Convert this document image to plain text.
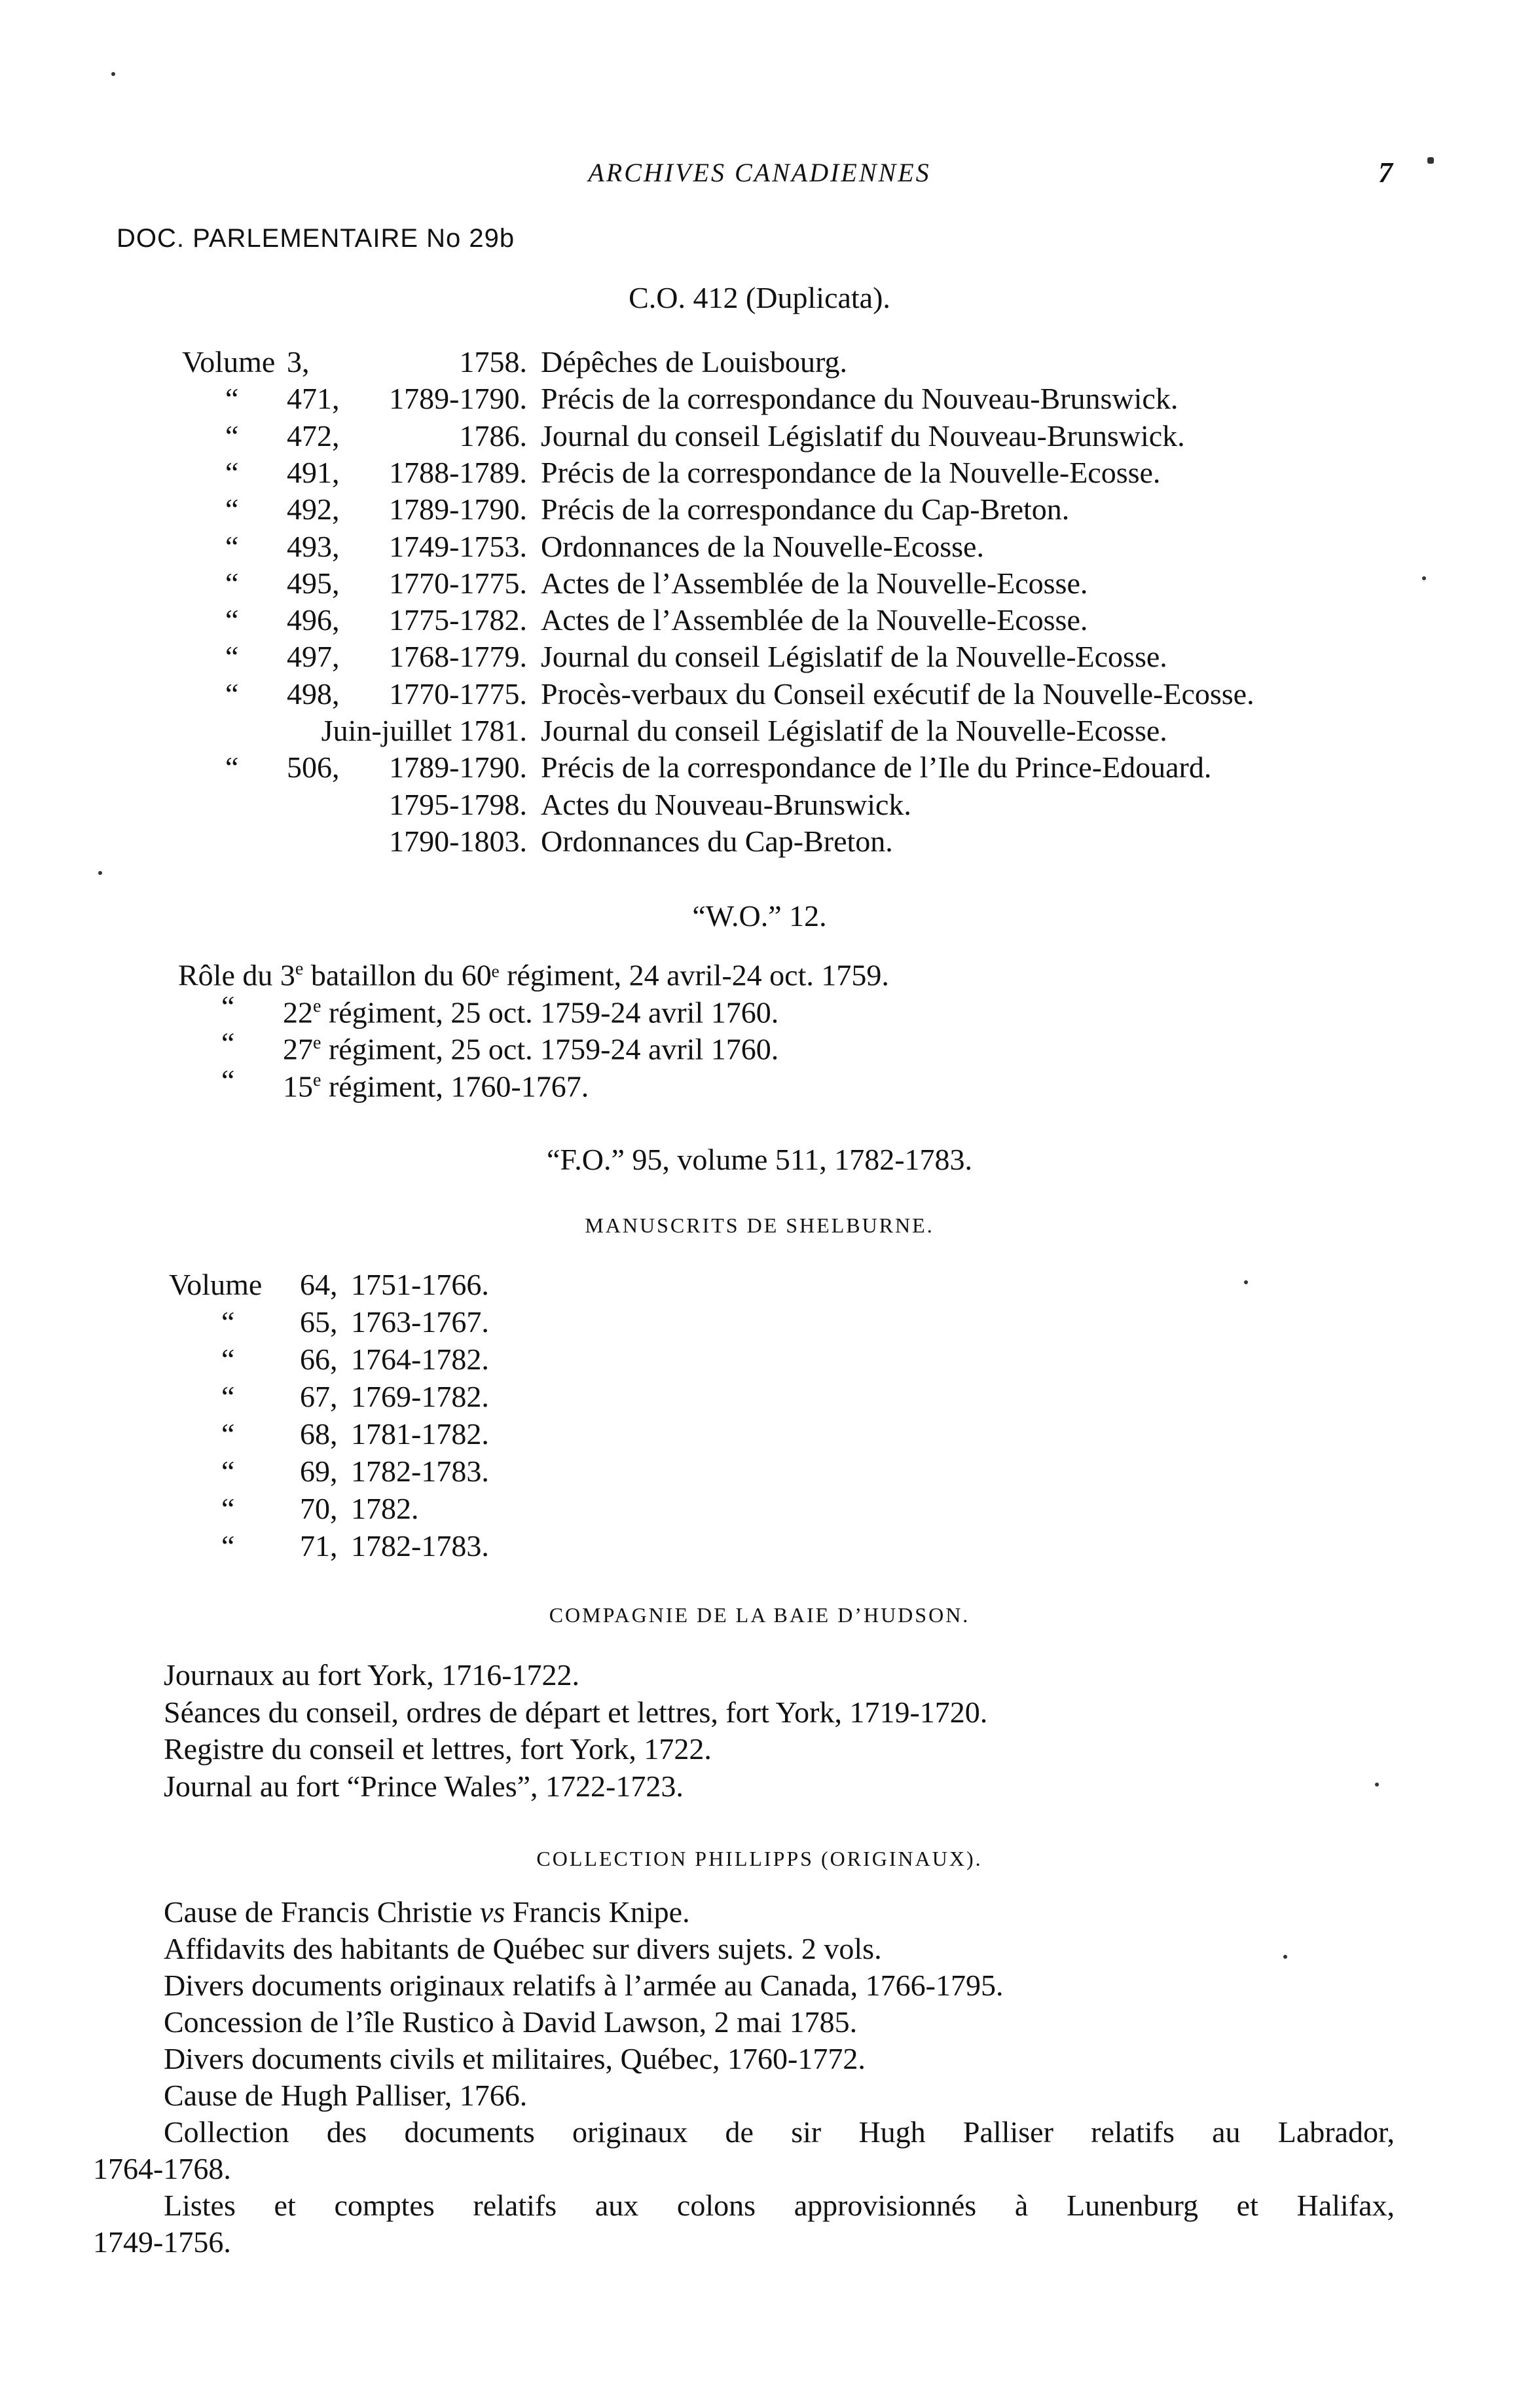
ARCHIVES CANADIENNES	7
DOC. PARLEMENTAIRE No 29b
C.O. 412 (Duplicata).
Volume 3,	1758. Dépêches de Louisbourg.
“ 471, 1789-1790. Précis de la correspondance du Nouveau-Brunswick.
“ 472,	1786. Journal du conseil Législatif du Nouveau-Brunswick.
“ 491, 1788-1789. Précis de la correspondance de la Nouvelle-Ecosse.
“ 492, 1789-1790. Précis de la correspondance du Cap-Breton.
“ 493, 1749-1753. Ordonnances de la Nouvelle-Ecosse.
“ 495, 1770-1775. Actes de l’Assemblée de la Nouvelle-Ecosse.
“ 496, 1775-1782. Actes de l’Assemblée de la Nouvelle-Ecosse.
“ 497, 1768-1779. Journal du conseil Législatif de la Nouvelle-Ecosse.
“ 498, 1770-1775. Procès-verbaux du Conseil exécutif de la Nouvelle-Ecosse.
Juin-juillet 1781. Journal du conseil Législatif de la Nouvelle-Ecosse.
“ 506, 1789-1790. Précis de la correspondance de l’Ile du Prince-Edouard.
1795-1798. Actes du Nouveau-Brunswick.
1790-1803. Ordonnances du Cap-Breton.
“W.O.” 12.
Rôle du 3e bataillon du 60ᵉ régiment, 24 avril-24 oct. 1759.
“ 22e régiment, 25 oct. 1759-24 avril 1760.
“ 27e régiment, 25 oct. 1759-24 avril 1760.
“ 15e régiment, 1760-1767.
“F.O.” 95, volume 511, 1782-1783.
MANUSCRITS DE SHELBURNE.
Volume 64, 1751-1766.
“ 65, 1763-1767.
“ 66, 1764-1782.
“ 67, 1769-1782.
“ 68, 1781-1782.
“ 69, 1782-1783.
“ 70, 1782.
“ 71, 1782-1783.
COMPAGNIE DE LA BAIE D’HUDSON.
Journaux au fort York, 1716-1722.
Séances du conseil, ordres de départ et lettres, fort York, 1719-1720.
Registre du conseil et lettres, fort York, 1722.
Journal au fort “Prince Wales”, 1722-1723.
COLLECTION PHILLIPPS (ORIGINAUX).
Cause de Francis Christie vs Francis Knipe.
Affidavits des habitants de Québec sur divers sujets. 2 vols.
Divers documents originaux relatifs à l’armée au Canada, 1766-1795.
Concession de l’île Rustico à David Lawson, 2 mai 1785.
Divers documents civils et militaires, Québec, 1760-1772.
Cause de Hugh Palliser, 1766.
Collection des documents originaux de sir Hugh Palliser relatifs au Labrador,
1764-1768.
Listes et comptes relatifs aux colons approvisionnés à Lunenburg et Halifax,
1749-1756.
